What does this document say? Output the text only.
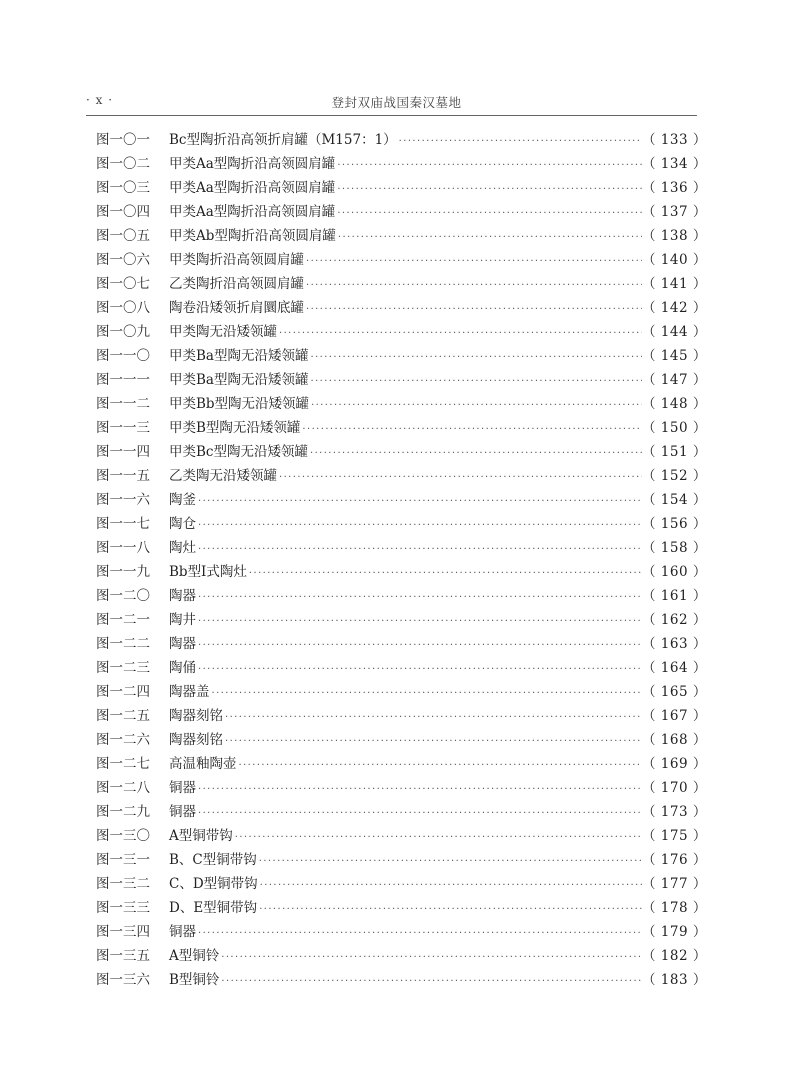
· x ·	登封双庙战国秦汉墓地
图一〇一	Bc型陶折沿高领折肩罐（M157：1） ·····	（ 133 ）
图一〇二	甲类Aa型陶折沿高领圆肩罐 ·····	（ 134 ）
图一〇三	甲类Aa型陶折沿高领圆肩罐 ·····	（ 136 ）
图一〇四	甲类Aa型陶折沿高领圆肩罐 ·····	（ 137 ）
图一〇五	甲类Ab型陶折沿高领圆肩罐 ·····	（ 138 ）
图一〇六	甲类陶折沿高领圆肩罐 ·····	（ 140 ）
图一〇七	乙类陶折沿高领圆肩罐 ·····	（ 141 ）
图一〇八	陶卷沿矮领折肩圜底罐 ·····	（ 142 ）
图一〇九	甲类陶无沿矮领罐 ·····	（ 144 ）
图一一〇	甲类Ba型陶无沿矮领罐 ·····	（ 145 ）
图一一一	甲类Ba型陶无沿矮领罐 ·····	（ 147 ）
图一一二	甲类Bb型陶无沿矮领罐 ·····	（ 148 ）
图一一三	甲类B型陶无沿矮领罐 ·····	（ 150 ）
图一一四	甲类Bc型陶无沿矮领罐 ·····	（ 151 ）
图一一五	乙类陶无沿矮领罐 ·····	（ 152 ）
图一一六	陶釜 ·····	（ 154 ）
图一一七	陶仓 ·····	（ 156 ）
图一一八	陶灶 ·····	（ 158 ）
图一一九	Bb型Ⅰ式陶灶 ·····	（ 160 ）
图一二〇	陶器 ·····	（ 161 ）
图一二一	陶井 ·····	（ 162 ）
图一二二	陶器 ·····	（ 163 ）
图一二三	陶俑 ·····	（ 164 ）
图一二四	陶器盖 ·····	（ 165 ）
图一二五	陶器刻铭 ·····	（ 167 ）
图一二六	陶器刻铭 ·····	（ 168 ）
图一二七	高温釉陶壶 ·····	（ 169 ）
图一二八	铜器 ·····	（ 170 ）
图一二九	铜器 ·····	（ 173 ）
图一三〇	A型铜带钩 ·····	（ 175 ）
图一三一	B、C型铜带钩 ·····	（ 176 ）
图一三二	C、D型铜带钩 ·····	（ 177 ）
图一三三	D、E型铜带钩 ·····	（ 178 ）
图一三四	铜器 ·····	（ 179 ）
图一三五	A型铜铃 ·····	（ 182 ）
图一三六	B型铜铃 ·····	（ 183 ）
